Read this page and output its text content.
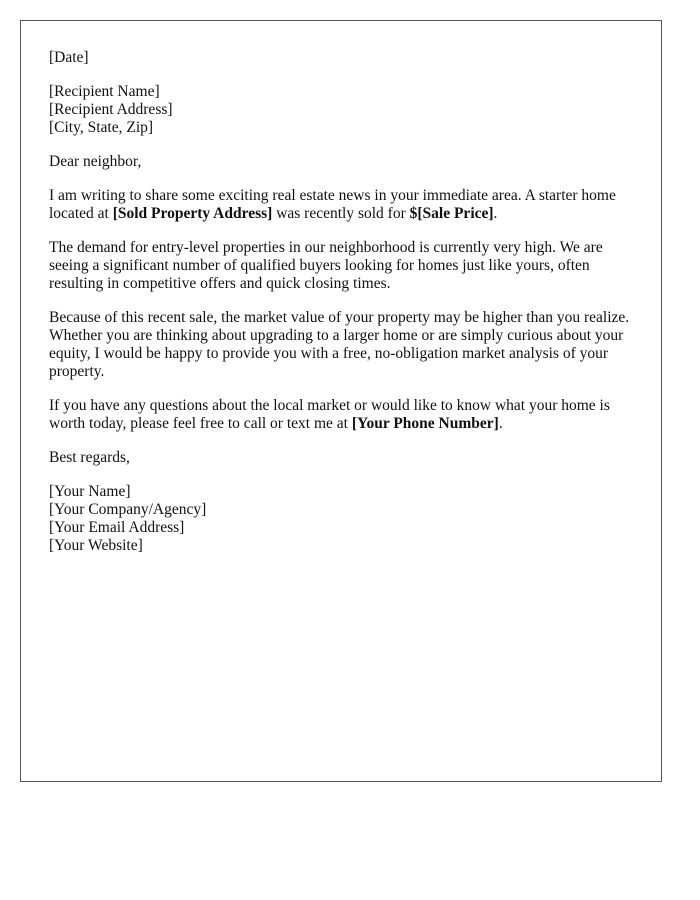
[Date]

[Recipient Name]
[Recipient Address]
[City, State, Zip]

Dear neighbor,

I am writing to share some exciting real estate news in your immediate area. A starter home located at [Sold Property Address] was recently sold for $[Sale Price].

The demand for entry-level properties in our neighborhood is currently very high. We are seeing a significant number of qualified buyers looking for homes just like yours, often resulting in competitive offers and quick closing times.

Because of this recent sale, the market value of your property may be higher than you realize. Whether you are thinking about upgrading to a larger home or are simply curious about your equity, I would be happy to provide you with a free, no-obligation market analysis of your property.

If you have any questions about the local market or would like to know what your home is worth today, please feel free to call or text me at [Your Phone Number].

Best regards,

[Your Name]
[Your Company/Agency]
[Your Email Address]
[Your Website]
